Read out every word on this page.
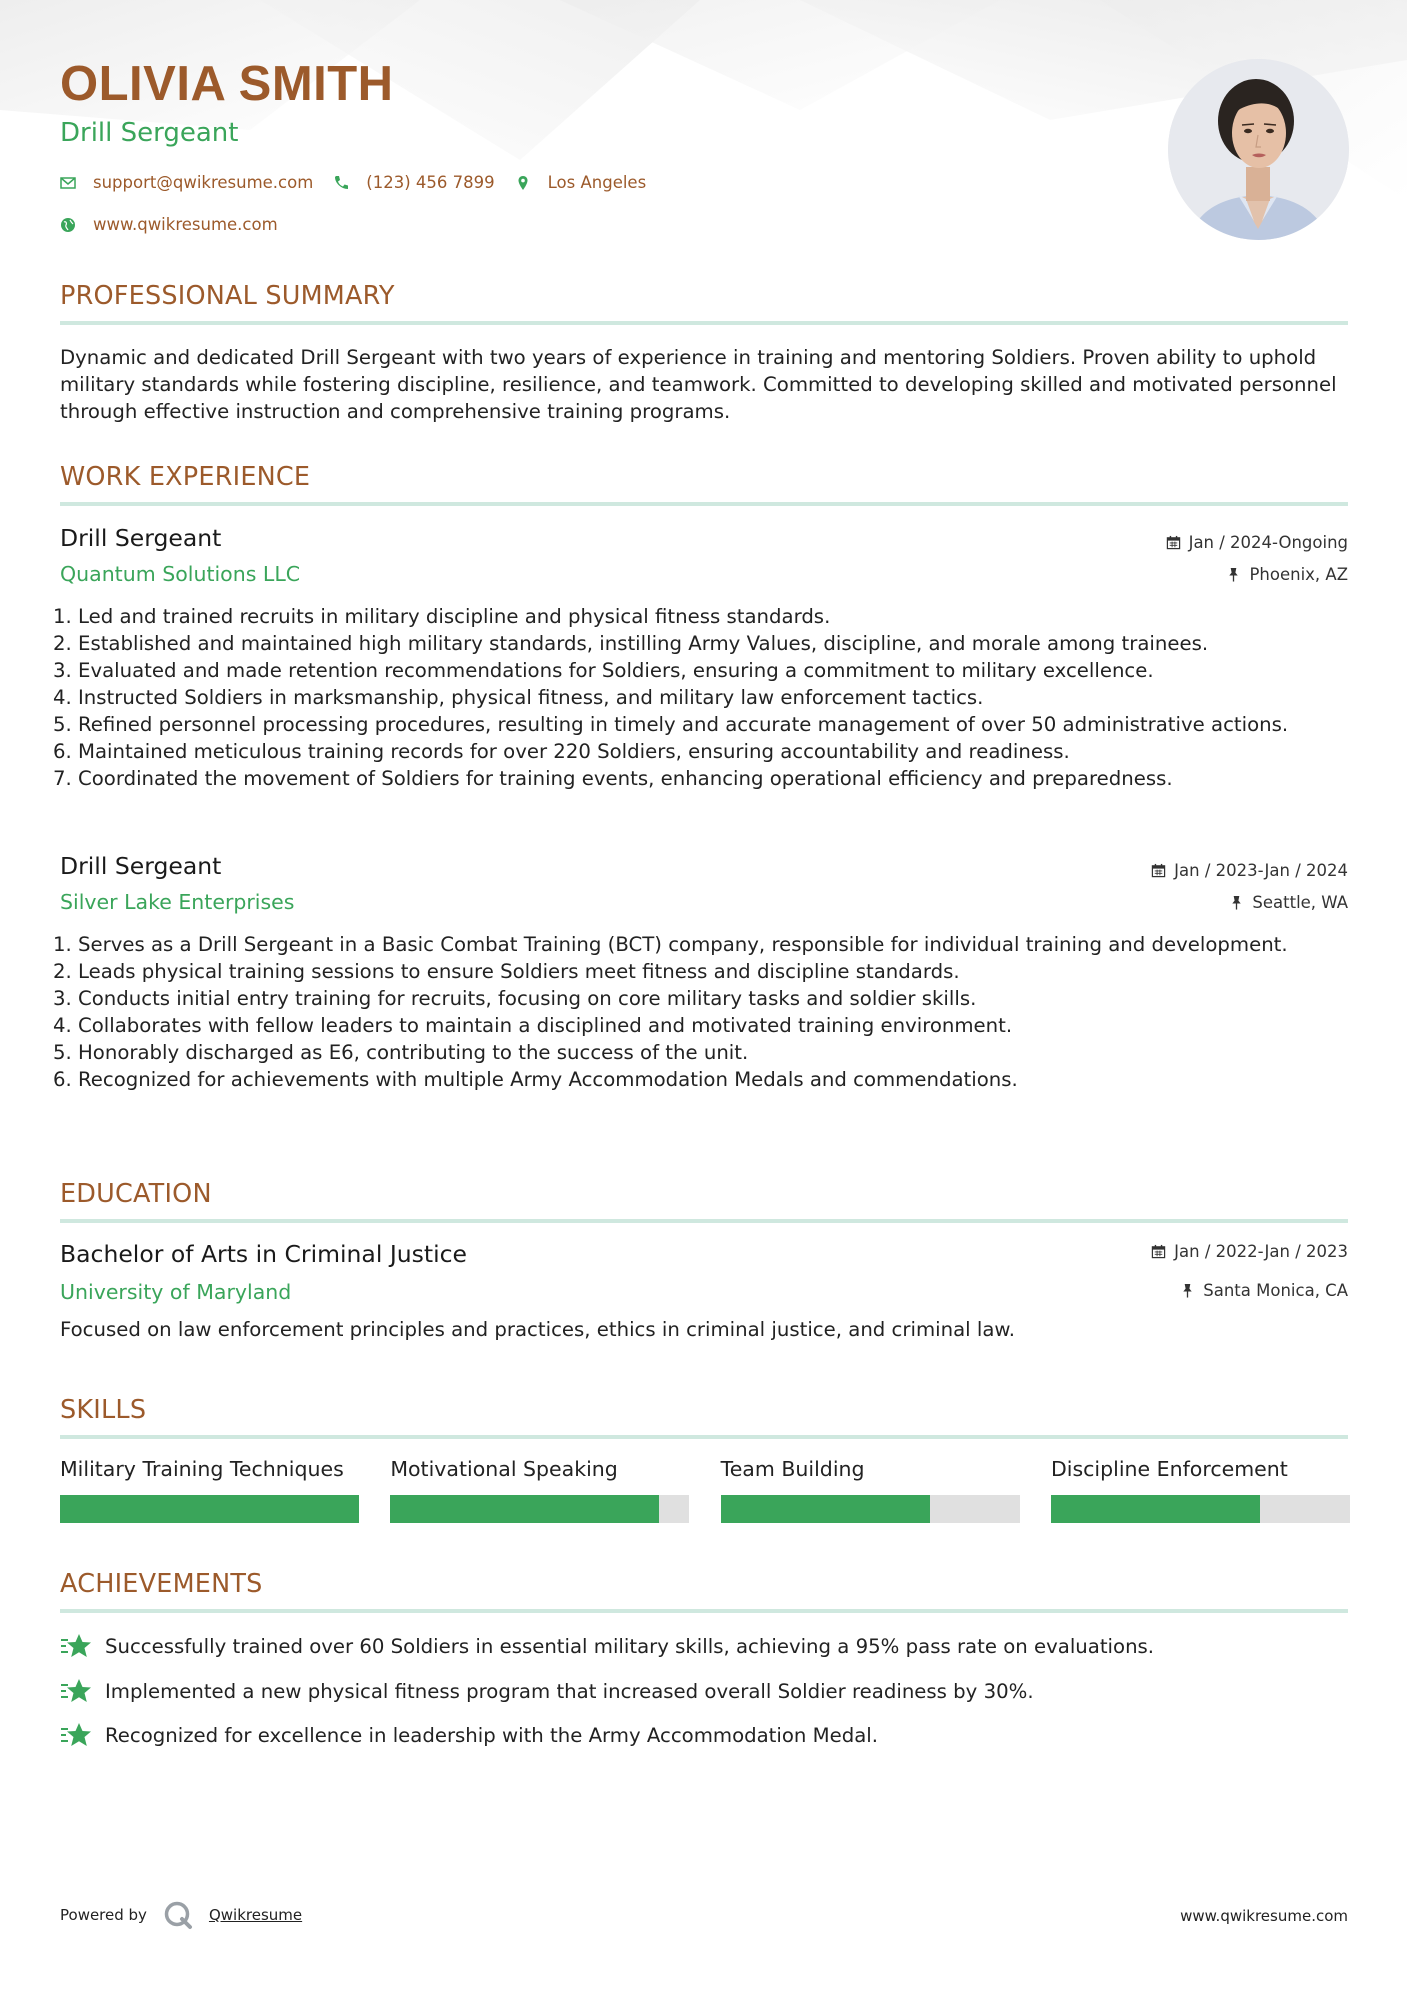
OLIVIA SMITH
Drill Sergeant
support@qwikresume.com	(123) 456 7899	Los Angeles
www.qwikresume.com
PROFESSIONAL SUMMARY
Dynamic and dedicated Drill Sergeant with two years of experience in training and mentoring Soldiers. Proven ability to uphold military standards while fostering discipline, resilience, and teamwork. Committed to developing skilled and motivated personnel through effective instruction and comprehensive training programs.
WORK EXPERIENCE
Drill Sergeant	Jan / 2024-Ongoing
Quantum Solutions LLC	Phoenix, AZ
1. Led and trained recruits in military discipline and physical fitness standards.
2. Established and maintained high military standards, instilling Army Values, discipline, and morale among trainees.
3. Evaluated and made retention recommendations for Soldiers, ensuring a commitment to military excellence.
4. Instructed Soldiers in marksmanship, physical fitness, and military law enforcement tactics.
5. Refined personnel processing procedures, resulting in timely and accurate management of over 50 administrative actions.
6. Maintained meticulous training records for over 220 Soldiers, ensuring accountability and readiness.
7. Coordinated the movement of Soldiers for training events, enhancing operational efficiency and preparedness.
Drill Sergeant	Jan / 2023-Jan / 2024
Silver Lake Enterprises	Seattle, WA
1. Serves as a Drill Sergeant in a Basic Combat Training (BCT) company, responsible for individual training and development.
2. Leads physical training sessions to ensure Soldiers meet fitness and discipline standards.
3. Conducts initial entry training for recruits, focusing on core military tasks and soldier skills.
4. Collaborates with fellow leaders to maintain a disciplined and motivated training environment.
5. Honorably discharged as E6, contributing to the success of the unit.
6. Recognized for achievements with multiple Army Accommodation Medals and commendations.
EDUCATION
Bachelor of Arts in Criminal Justice	Jan / 2022-Jan / 2023
University of Maryland	Santa Monica, CA
Focused on law enforcement principles and practices, ethics in criminal justice, and criminal law.
SKILLS
Military Training Techniques	Motivational Speaking	Team Building	Discipline Enforcement
ACHIEVEMENTS
Successfully trained over 60 Soldiers in essential military skills, achieving a 95% pass rate on evaluations.
Implemented a new physical fitness program that increased overall Soldier readiness by 30%.
Recognized for excellence in leadership with the Army Accommodation Medal.
Powered by	Qwikresume	www.qwikresume.com
